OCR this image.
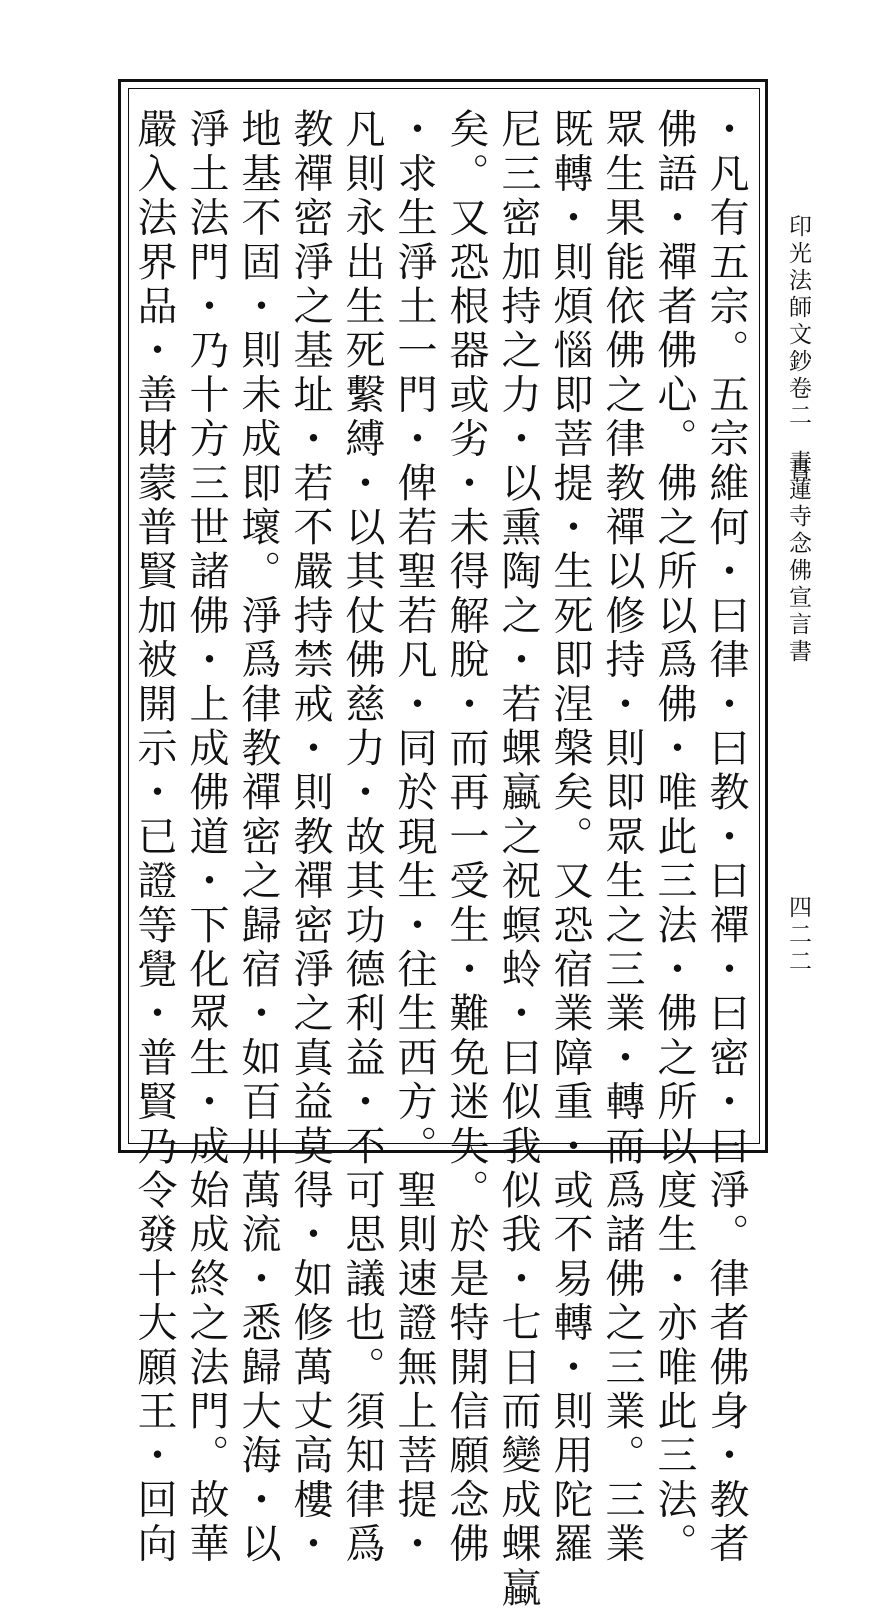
印光法師文鈔卷二　書
青蓮寺念佛宣言書
四二二
・凡有五宗。五宗維何・曰律・曰教・曰禪・曰密・曰淨。律者佛身・教者
佛語・禪者佛心。佛之所以爲佛・唯此三法・佛之所以度生・亦唯此三法。
眾生果能依佛之律教禪以修持・則即眾生之三業・轉而爲諸佛之三業。三業
既轉・則煩惱即菩提・生死即涅槃矣。又恐宿業障重・或不易轉・則用陀羅
尼三密加持之力・以熏陶之・若蜾蠃之祝螟蛉・曰似我似我・七日而變成蜾蠃
矣。又恐根器或劣・未得解脫・而再一受生・難免迷失。於是特開信願念佛
・求生淨土一門・俾若聖若凡・同於現生・往生西方。聖則速證無上菩提・
凡則永出生死繫縛・以其仗佛慈力・故其功德利益・不可思議也。須知律爲
教禪密淨之基址・若不嚴持禁戒・則教禪密淨之真益莫得・如修萬丈高樓・
地基不固・則未成即壞。淨爲律教禪密之歸宿・如百川萬流・悉歸大海・以
淨土法門・乃十方三世諸佛・上成佛道・下化眾生・成始成終之法門。故華
嚴入法界品・善財蒙普賢加被開示・已證等覺・普賢乃令發十大願王・回向
